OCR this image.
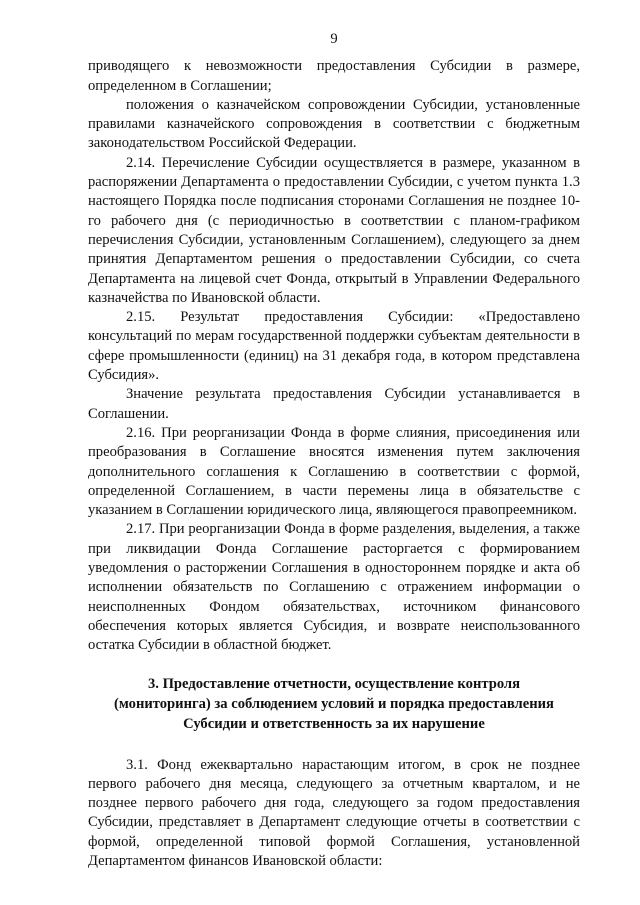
9

приводящего к невозможности предоставления Субсидии в размере, определенном в Соглашении;

положения о казначейском сопровождении Субсидии, установленные правилами казначейского сопровождения в соответствии с бюджетным законодательством Российской Федерации.

2.14. Перечисление Субсидии осуществляется в размере, указанном в распоряжении Департамента о предоставлении Субсидии, с учетом пункта 1.3 настоящего Порядка после подписания сторонами Соглашения не позднее 10-го рабочего дня (с периодичностью в соответствии с планом-графиком перечисления Субсидии, установленным Соглашением), следующего за днем принятия Департаментом решения о предоставлении Субсидии, со счета Департамента на лицевой счет Фонда, открытый в Управлении Федерального казначейства по Ивановской области.

2.15. Результат предоставления Субсидии: «Предоставлено консультаций по мерам государственной поддержки субъектам деятельности в сфере промышленности (единиц) на 31 декабря года, в котором представлена Субсидия».

Значение результата предоставления Субсидии устанавливается в Соглашении.

2.16. При реорганизации Фонда в форме слияния, присоединения или преобразования в Соглашение вносятся изменения путем заключения дополнительного соглашения к Соглашению в соответствии с формой, определенной Соглашением, в части перемены лица в обязательстве с указанием в Соглашении юридического лица, являющегося правопреемником.

2.17. При реорганизации Фонда в форме разделения, выделения, а также при ликвидации Фонда Соглашение расторгается с формированием уведомления о расторжении Соглашения в одностороннем порядке и акта об исполнении обязательств по Соглашению с отражением информации о неисполненных Фондом обязательствах, источником финансового обеспечения которых является Субсидия, и возврате неиспользованного остатка Субсидии в областной бюджет.

3. Предоставление отчетности, осуществление контроля
(мониторинга) за соблюдением условий и порядка предоставления
Субсидии и ответственность за их нарушение

3.1. Фонд ежеквартально нарастающим итогом, в срок не позднее первого рабочего дня месяца, следующего за отчетным кварталом, и не позднее первого рабочего дня года, следующего за годом предоставления Субсидии, представляет в Департамент следующие отчеты в соответствии с формой, определенной типовой формой Соглашения, установленной Департаментом финансов Ивановской области:
